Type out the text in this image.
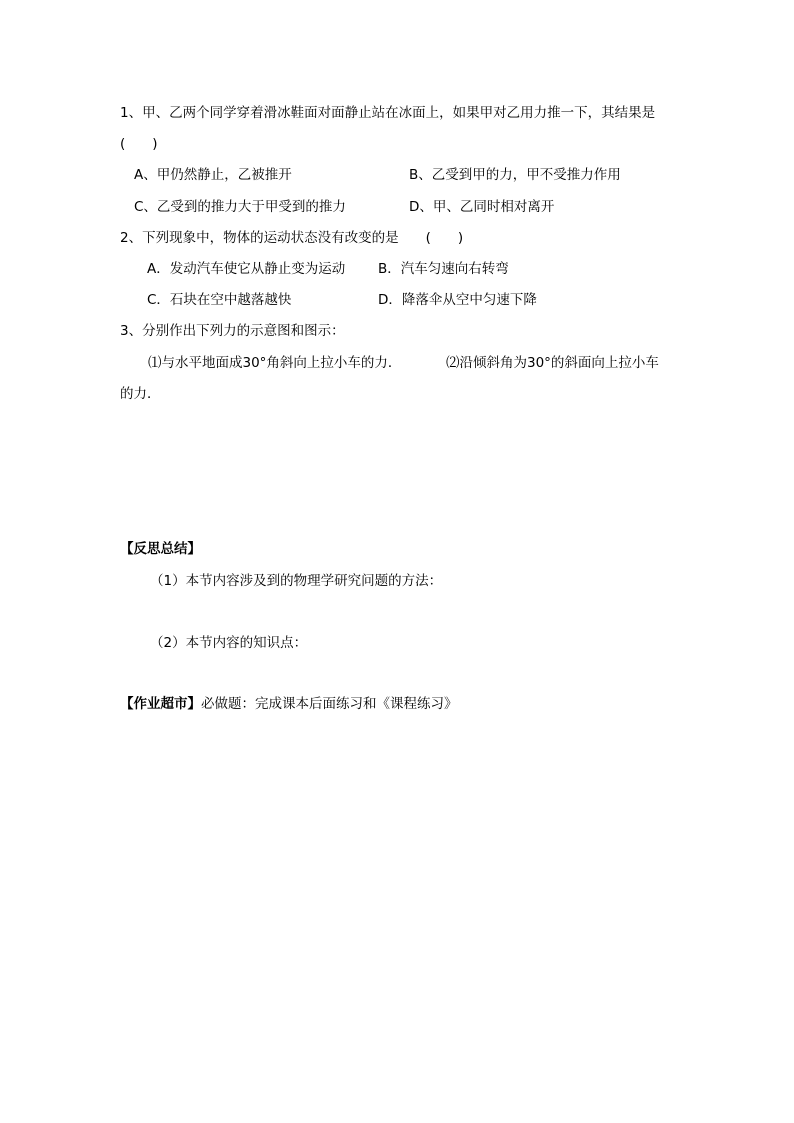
1、甲、乙两个同学穿着滑冰鞋面对面静止站在冰面上，如果甲对乙用力推一下，其结果是
(　　)
A、甲仍然静止，乙被推开	B、乙受到甲的力，甲不受推力作用
C、乙受到的推力大于甲受到的推力	D、甲、乙同时相对离开
2、下列现象中，物体的运动状态没有改变的是　　(　　)
A．发动汽车使它从静止变为运动 B．汽车匀速向右转弯
C．石块在空中越落越快	D．降落伞从空中匀速下降
3、分别作出下列力的示意图和图示：
⑴与水平地面成30°角斜向上拉小车的力．	⑵沿倾斜角为30°的斜面向上拉小车
的力．
【反思总结】
（1）本节内容涉及到的物理学研究问题的方法：
（2）本节内容的知识点：
【作业超市】必做题：完成课本后面练习和《课程练习》
